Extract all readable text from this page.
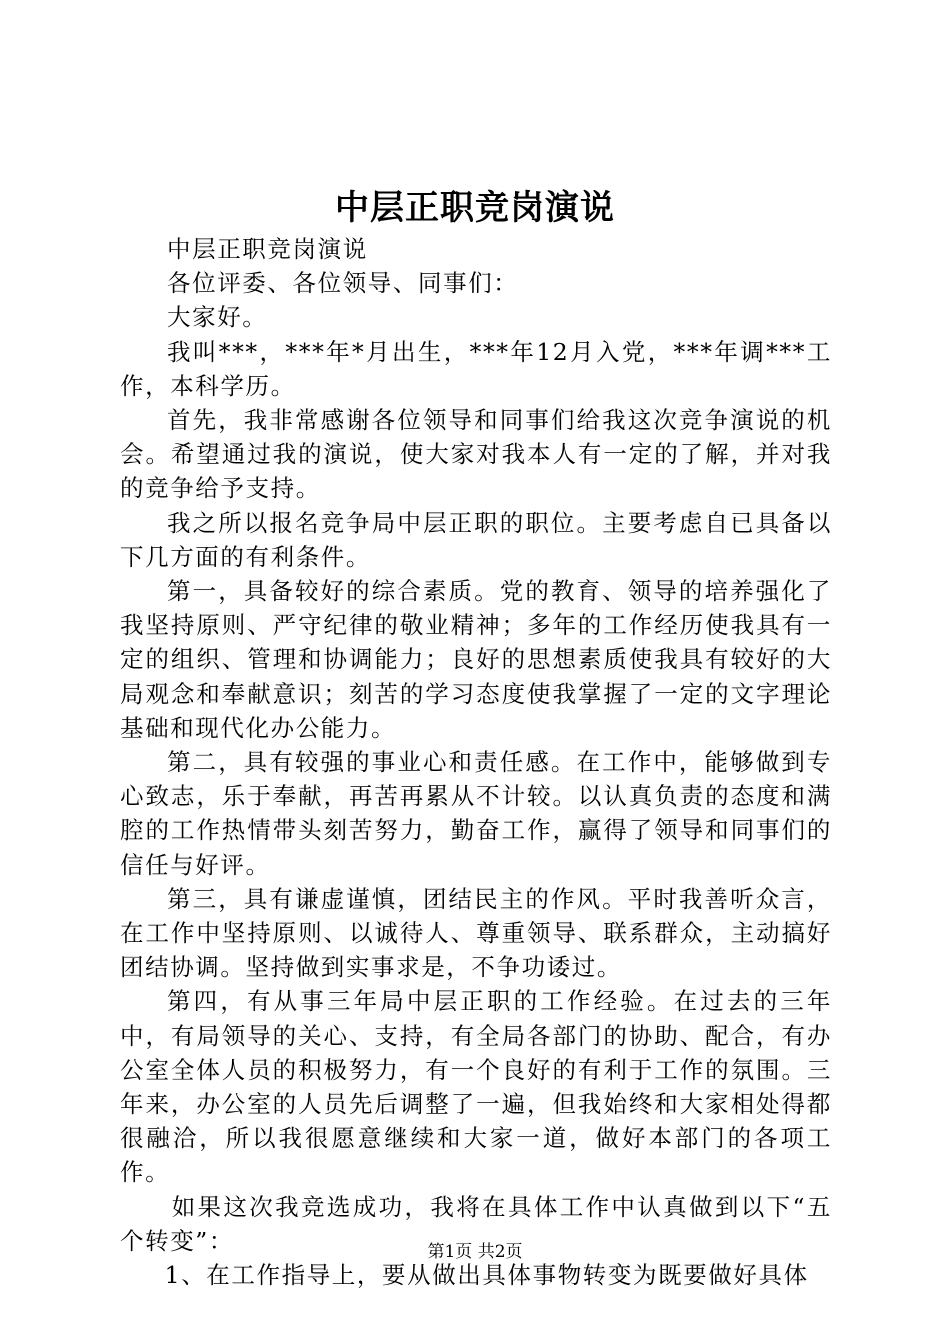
中层正职竞岗演说

中层正职竞岗演说

各位评委、各位领导、同事们：

大家好。

我叫***，***年*月出生，***年12月入党，***年调***工作，本科学历。

首先，我非常感谢各位领导和同事们给我这次竞争演说的机会。希望通过我的演说，使大家对我本人有一定的了解，并对我的竞争给予支持。

我之所以报名竞争局中层正职的职位。主要考虑自已具备以下几方面的有利条件。

第一，具备较好的综合素质。党的教育、领导的培养强化了我坚持原则、严守纪律的敬业精神；多年的工作经历使我具有一定的组织、管理和协调能力；良好的思想素质使我具有较好的大局观念和奉献意识；刻苦的学习态度使我掌握了一定的文字理论基础和现代化办公能力。

第二，具有较强的事业心和责任感。在工作中，能够做到专心致志，乐于奉献，再苦再累从不计较。以认真负责的态度和满腔的工作热情带头刻苦努力，勤奋工作，赢得了领导和同事们的信任与好评。

第三，具有谦虚谨慎，团结民主的作风。平时我善听众言，在工作中坚持原则、以诚待人、尊重领导、联系群众，主动搞好团结协调。坚持做到实事求是，不争功诿过。

第四，有从事三年局中层正职的工作经验。在过去的三年中，有局领导的关心、支持，有全局各部门的协助、配合，有办公室全体人员的积极努力，有一个良好的有利于工作的氛围。三年来，办公室的人员先后调整了一遍，但我始终和大家相处得都很融洽，所以我很愿意继续和大家一道，做好本部门的各项工作。

如果这次我竞选成功，我将在具体工作中认真做到以下“五个转变”：

1、在工作指导上，要从做出具体事物转变为既要做好具体

第1页 共2页
